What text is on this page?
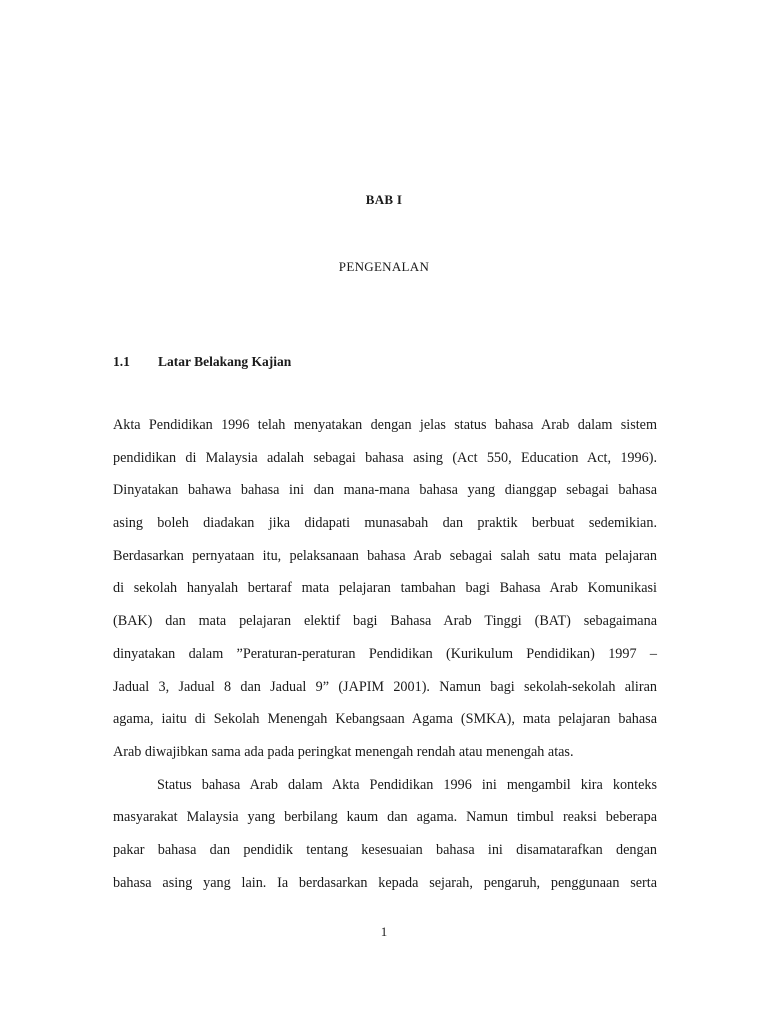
BAB I
PENGENALAN
1.1 Latar Belakang Kajian
Akta Pendidikan 1996 telah menyatakan dengan jelas status bahasa Arab dalam sistem
pendidikan di Malaysia adalah sebagai bahasa asing (Act 550, Education Act, 1996).
Dinyatakan bahawa bahasa ini dan mana-mana bahasa yang dianggap sebagai bahasa
asing boleh diadakan jika didapati munasabah dan praktik berbuat sedemikian.
Berdasarkan pernyataan itu, pelaksanaan bahasa Arab sebagai salah satu mata pelajaran
di sekolah hanyalah bertaraf mata pelajaran tambahan bagi Bahasa Arab Komunikasi
(BAK) dan mata pelajaran elektif bagi Bahasa Arab Tinggi (BAT) sebagaimana
dinyatakan dalam ”Peraturan-peraturan Pendidikan (Kurikulum Pendidikan) 1997 –
Jadual 3, Jadual 8 dan Jadual 9” (JAPIM 2001). Namun bagi sekolah-sekolah aliran
agama, iaitu di Sekolah Menengah Kebangsaan Agama (SMKA), mata pelajaran bahasa
Arab diwajibkan sama ada pada peringkat menengah rendah atau menengah atas.
Status bahasa Arab dalam Akta Pendidikan 1996 ini mengambil kira konteks
masyarakat Malaysia yang berbilang kaum dan agama. Namun timbul reaksi beberapa
pakar bahasa dan pendidik tentang kesesuaian bahasa ini disamatarafkan dengan
bahasa asing yang lain. Ia berdasarkan kepada sejarah, pengaruh, penggunaan serta
1
